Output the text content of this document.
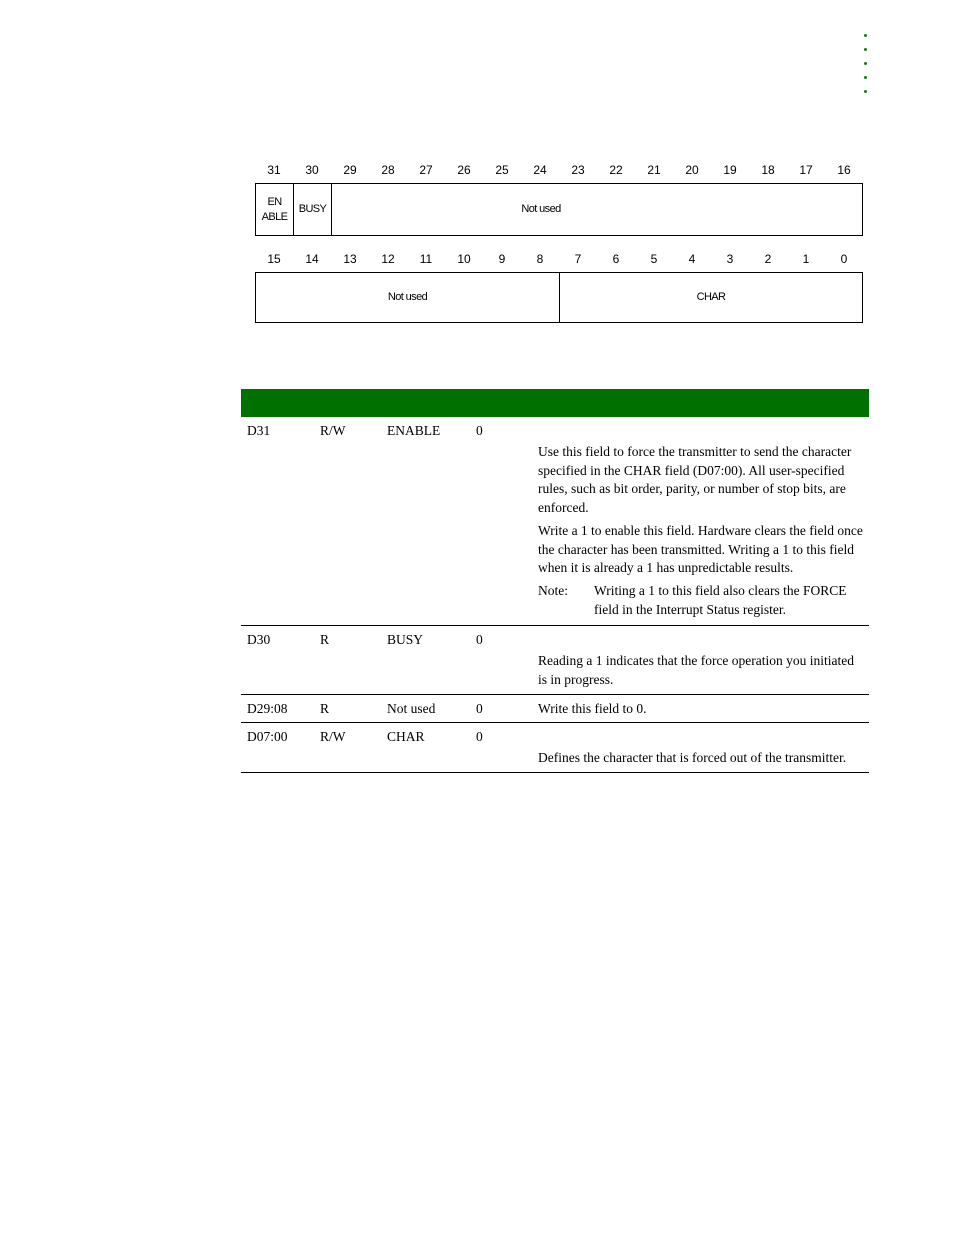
31	30	29	28	27	26	25	24	23	22	21	20	19	18	17	16
EN
ABLE
BUSY	Not used
15	14	13	12	11	10	9	8	7	6	5	4	3	2	1	0
Not used	CHAR
D31	R/W	ENABLE	0

Use this field to force the transmitter to send the character specified in the CHAR field (D07:00). All user-specified rules, such as bit order, parity, or number of stop bits, are enforced.

Write a 1 to enable this field. Hardware clears the field once the character has been transmitted. Writing a 1 to this field when it is already a 1 has unpredictable results.

Note:	Writing a 1 to this field also clears the FORCE field in the Interrupt Status register.
D30	R	BUSY	0

Reading a 1 indicates that the force operation you initiated is in progress.

D29:08 R	Not used	0	Write this field to 0.

D07:00 R/W	CHAR	0

Defines the character that is forced out of the transmitter.
